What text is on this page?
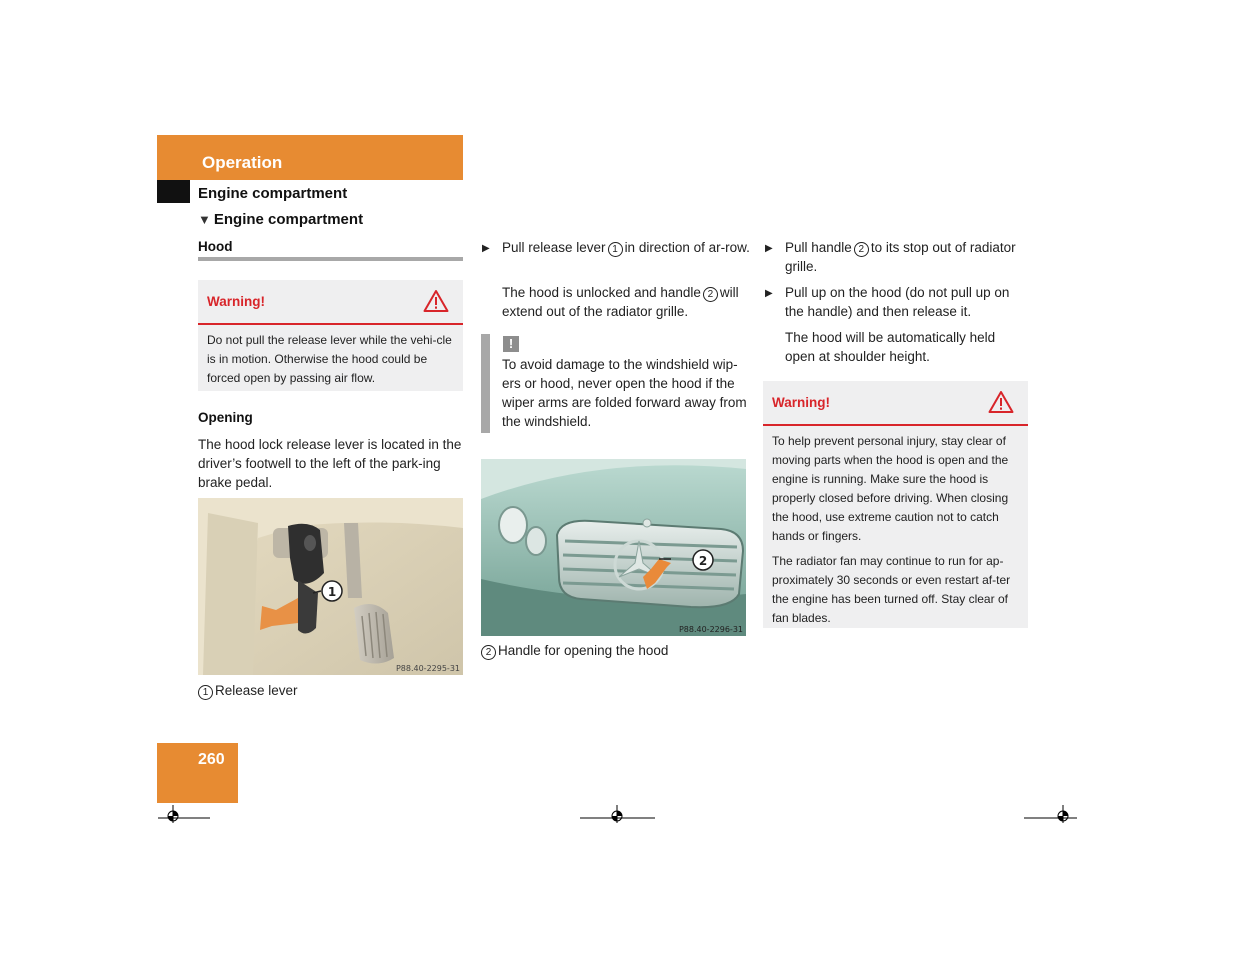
Operation
Engine compartment
▼ Engine compartment
Hood
Warning!
Do not pull the release lever while the vehi-cle is in motion. Otherwise the hood could be forced open by passing air flow.
Opening
The hood lock release lever is located in the driver’s footwell to the left of the park-ing brake pedal.
1
P88.40-2295-31
1 Release lever
▶ Pull release lever 1 in direction of ar-row.
The hood is unlocked and handle 2 will extend out of the radiator grille.
!
To avoid damage to the windshield wip-ers or hood, never open the hood if the wiper arms are folded forward away from the windshield.
2
P88.40-2296-31
2 Handle for opening the hood
▶ Pull handle 2 to its stop out of radiator grille.
▶ Pull up on the hood (do not pull up on the handle) and then release it.
The hood will be automatically held open at shoulder height.
Warning!

To help prevent personal injury, stay clear of moving parts when the hood is open and the engine is running. Make sure the hood is properly closed before driving. When closing the hood, use extreme caution not to catch hands or fingers.

The radiator fan may continue to run for ap-proximately 30 seconds or even restart af-ter the engine has been turned off. Stay clear of fan blades.

260
